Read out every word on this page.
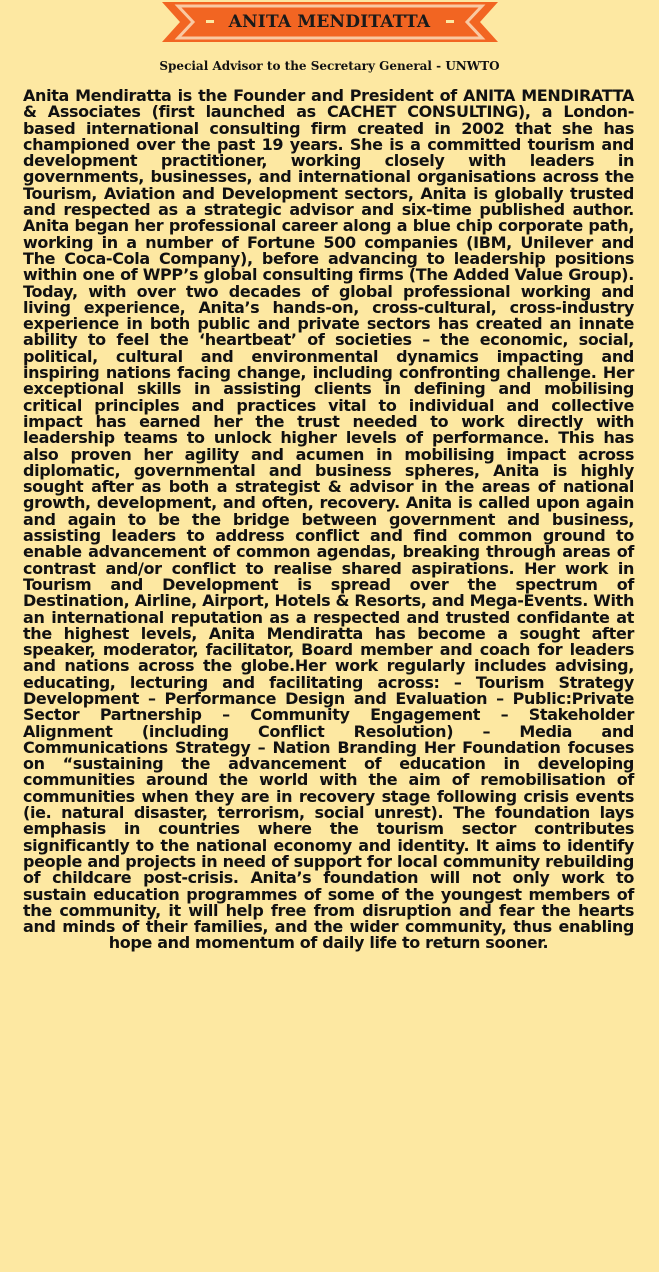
ANITA MENDITATTA
Special Advisor to the Secretary General - UNWTO

Anita Mendiratta is the Founder and President of ANITA MENDIRATTA & Associates (first launched as CACHET CONSULTING), a London-based international consulting firm created in 2002 that she has championed over the past 19 years. She is a committed tourism and development practitioner, working closely with leaders in governments, businesses, and international organisations across the Tourism, Aviation and Development sectors, Anita is globally trusted and respected as a strategic advisor and six-time published author. Anita began her professional career along a blue chip corporate path, working in a number of Fortune 500 companies (IBM, Unilever and The Coca-Cola Company), before advancing to leadership positions within one of WPP’s global consulting firms (The Added Value Group). Today, with over two decades of global professional working and living experience, Anita’s hands-on, cross-cultural, cross-industry experience in both public and private sectors has created an innate ability to feel the ‘heartbeat’ of societies – the economic, social, political, cultural and environmental dynamics impacting and inspiring nations facing change, including confronting challenge. Her exceptional skills in assisting clients in defining and mobilising critical principles and practices vital to individual and collective impact has earned her the trust needed to work directly with leadership teams to unlock higher levels of performance. This has also proven her agility and acumen in mobilising impact across diplomatic, governmental and business spheres, Anita is highly sought after as both a strategist & advisor in the areas of national growth, development, and often, recovery. Anita is called upon again and again to be the bridge between government and business, assisting leaders to address conflict and find common ground to enable advancement of common agendas, breaking through areas of contrast and/or conflict to realise shared aspirations. Her work in Tourism and Development is spread over the spectrum of Destination, Airline, Airport, Hotels & Resorts, and Mega-Events. With an international reputation as a respected and trusted confidante at the highest levels, Anita Mendiratta has become a sought after speaker, moderator, facilitator, Board member and coach for leaders and nations across the globe.Her work regularly includes advising, educating, lecturing and facilitating across: – Tourism Strategy Development – Performance Design and Evaluation – Public:Private Sector Partnership – Community Engagement – Stakeholder Alignment (including Conflict Resolution) – Media and Communications Strategy – Nation Branding Her Foundation focuses on “sustaining the advancement of education in developing communities around the world with the aim of remobilisation of communities when they are in recovery stage following crisis events (ie. natural disaster, terrorism, social unrest). The foundation lays emphasis in countries where the tourism sector contributes significantly to the national economy and identity. It aims to identify people and projects in need of support for local community rebuilding of childcare post-crisis. Anita’s foundation will not only work to sustain education programmes of some of the youngest members of the community, it will help free from disruption and fear the hearts and minds of their families, and the wider community, thus enabling hope and momentum of daily life to return sooner.
